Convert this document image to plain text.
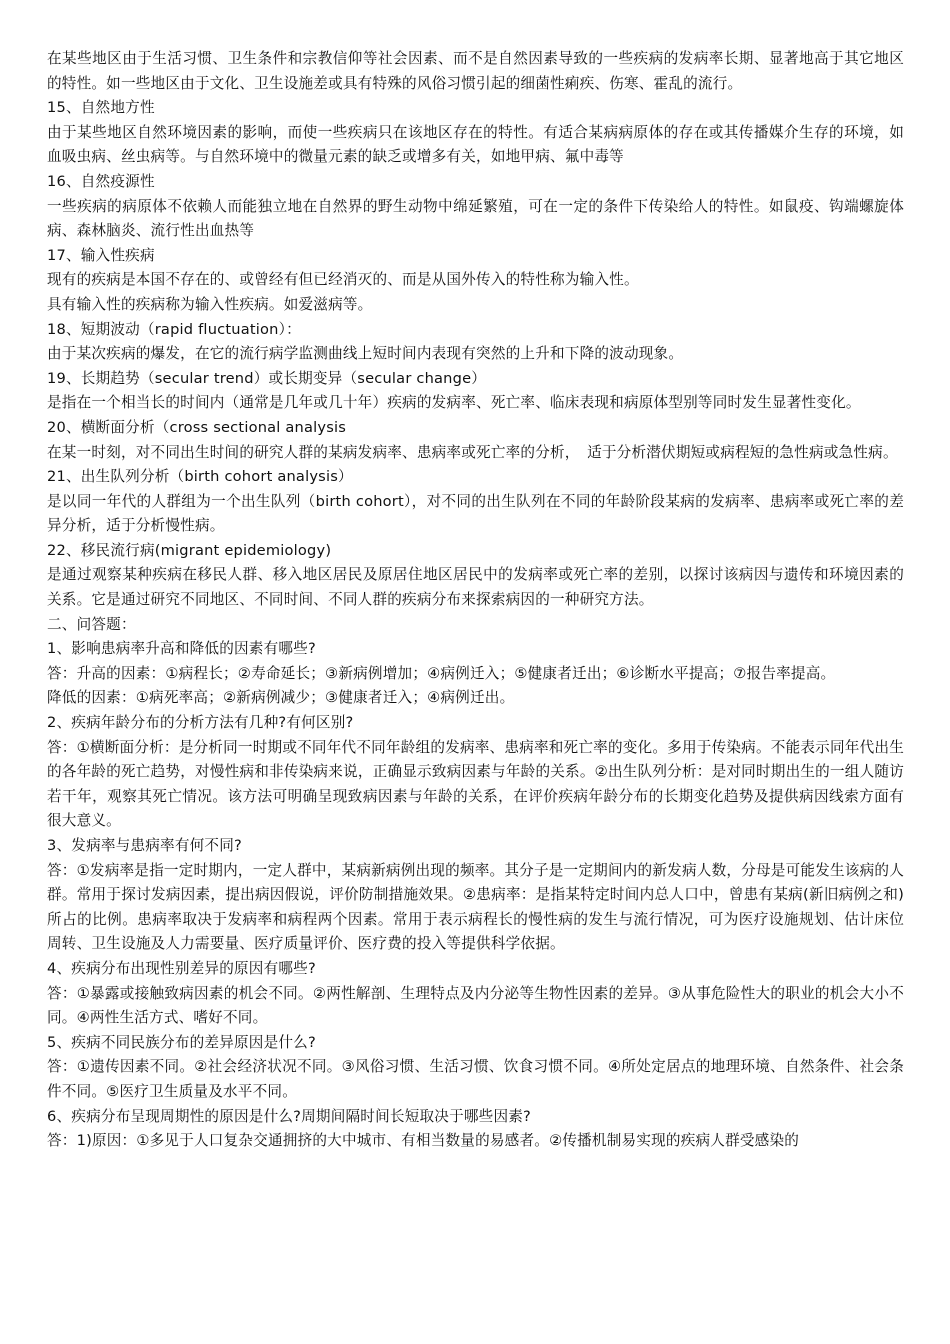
在某些地区由于生活习惯、卫生条件和宗教信仰等社会因素、而不是自然因素导致的一些疾病的发病率长期、显著地高于其它地区的特性。如一些地区由于文化、卫生设施差或具有特殊的风俗习惯引起的细菌性痢疾、伤寒、霍乱的流行。

15、自然地方性

由于某些地区自然环境因素的影响，而使一些疾病只在该地区存在的特性。有适合某病病原体的存在或其传播媒介生存的环境，如血吸虫病、丝虫病等。与自然环境中的微量元素的缺乏或增多有关，如地甲病、氟中毒等

16、自然疫源性

一些疾病的病原体不依赖人而能独立地在自然界的野生动物中绵延繁殖，可在一定的条件下传染给人的特性。如鼠疫、钩端螺旋体病、森林脑炎、流行性出血热等

17、输入性疾病

现有的疾病是本国不存在的、或曾经有但已经消灭的、而是从国外传入的特性称为输入性。

具有输入性的疾病称为输入性疾病。如爱滋病等。

18、短期波动（rapid fluctuation）：

由于某次疾病的爆发，在它的流行病学监测曲线上短时间内表现有突然的上升和下降的波动现象。

19、长期趋势（secular trend）或长期变异（secular change）

是指在一个相当长的时间内（通常是几年或几十年）疾病的发病率、死亡率、临床表现和病原体型别等同时发生显著性变化。

20、横断面分析（cross sectional analysis

在某一时刻，对不同出生时间的研究人群的某病发病率、患病率或死亡率的分析，　适于分析潜伏期短或病程短的急性病或急性病。

21、出生队列分析（birth cohort analysis）

是以同一年代的人群组为一个出生队列（birth cohort），对不同的出生队列在不同的年龄阶段某病的发病率、患病率或死亡率的差异分析，适于分析慢性病。

22、移民流行病(migrant epidemiology)

是通过观察某种疾病在移民人群、移入地区居民及原居住地区居民中的发病率或死亡率的差别，以探讨该病因与遗传和环境因素的关系。它是通过研究不同地区、不同时间、不同人群的疾病分布来探索病因的一种研究方法。

二、问答题：

1、影响患病率升高和降低的因素有哪些?

答：升高的因素：①病程长；②寿命延长；③新病例增加；④病例迁入；⑤健康者迁出；⑥诊断水平提高；⑦报告率提高。

降低的因素：①病死率高；②新病例减少；③健康者迁入；④病例迁出。

2、疾病年龄分布的分析方法有几种?有何区别?

答：①横断面分析：是分析同一时期或不同年代不同年龄组的发病率、患病率和死亡率的变化。多用于传染病。不能表示同年代出生的各年龄的死亡趋势，对慢性病和非传染病来说，正确显示致病因素与年龄的关系。②出生队列分析：是对同时期出生的一组人随访若干年，观察其死亡情况。该方法可明确呈现致病因素与年龄的关系，在评价疾病年龄分布的长期变化趋势及提供病因线索方面有很大意义。

3、发病率与患病率有何不同?

答：①发病率是指一定时期内，一定人群中，某病新病例出现的频率。其分子是一定期间内的新发病人数，分母是可能发生该病的人群。常用于探讨发病因素，提出病因假说，评价防制措施效果。②患病率：是指某特定时间内总人口中，曾患有某病(新旧病例之和)所占的比例。患病率取决于发病率和病程两个因素。常用于表示病程长的慢性病的发生与流行情况，可为医疗设施规划、估计床位周转、卫生设施及人力需要量、医疗质量评价、医疗费的投入等提供科学依据。

4、疾病分布出现性别差异的原因有哪些?

答：①暴露或接触致病因素的机会不同。②两性解剖、生理特点及内分泌等生物性因素的差异。③从事危险性大的职业的机会大小不同。④两性生活方式、嗜好不同。

5、疾病不同民族分布的差异原因是什么?

答：①遗传因素不同。②社会经济状况不同。③风俗习惯、生活习惯、饮食习惯不同。④所处定居点的地理环境、自然条件、社会条件不同。⑤医疗卫生质量及水平不同。

6、疾病分布呈现周期性的原因是什么?周期间隔时间长短取决于哪些因素?

答：1)原因：①多见于人口复杂交通拥挤的大中城市、有相当数量的易感者。②传播机制易实现的疾病人群受感染的
